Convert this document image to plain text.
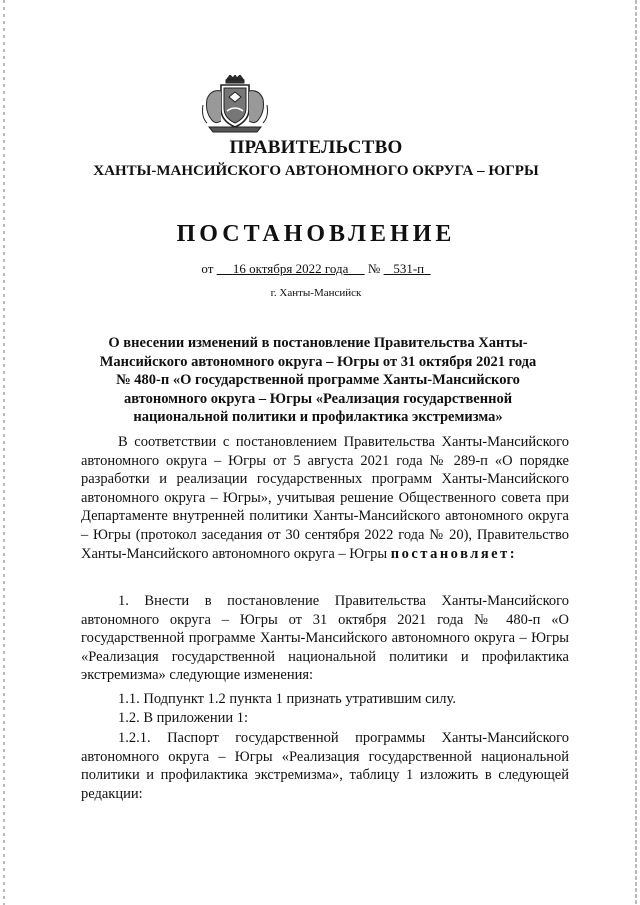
ПРАВИТЕЛЬСТВО
ХАНТЫ-МАНСИЙСКОГО АВТОНОМНОГО ОКРУГА – ЮГРЫ
ПОСТАНОВЛЕНИЕ
от 16 октября 2022 года № 531-п
г. Ханты-Мансийск
О внесении изменений в постановление Правительства Ханты-Мансийского автономного округа – Югры от 31 октября 2021 года № 480-п «О государственной программе Ханты-Мансийского автономного округа – Югры «Реализация государственной национальной политики и профилактика экстремизма»
В соответствии с постановлением Правительства Ханты-Мансийского автономного округа – Югры от 5 августа 2021 года № 289-п «О порядке разработки и реализации государственных программ Ханты-Мансийского автономного округа – Югры», учитывая решение Общественного совета при Департаменте внутренней политики Ханты-Мансийского автономного округа – Югры (протокол заседания от 30 сентября 2022 года № 20), Правительство Ханты-Мансийского автономного округа – Югры постановляет:
1. Внести в постановление Правительства Ханты-Мансийского автономного округа – Югры от 31 октября 2021 года № 480-п «О государственной программе Ханты-Мансийского автономного округа – Югры «Реализация государственной национальной политики и профилактика экстремизма» следующие изменения:
1.1. Подпункт 1.2 пункта 1 признать утратившим силу.
1.2. В приложении 1:
1.2.1. Паспорт государственной программы Ханты-Мансийского автономного округа – Югры «Реализация государственной национальной политики и профилактика экстремизма», таблицу 1 изложить в следующей редакции:
